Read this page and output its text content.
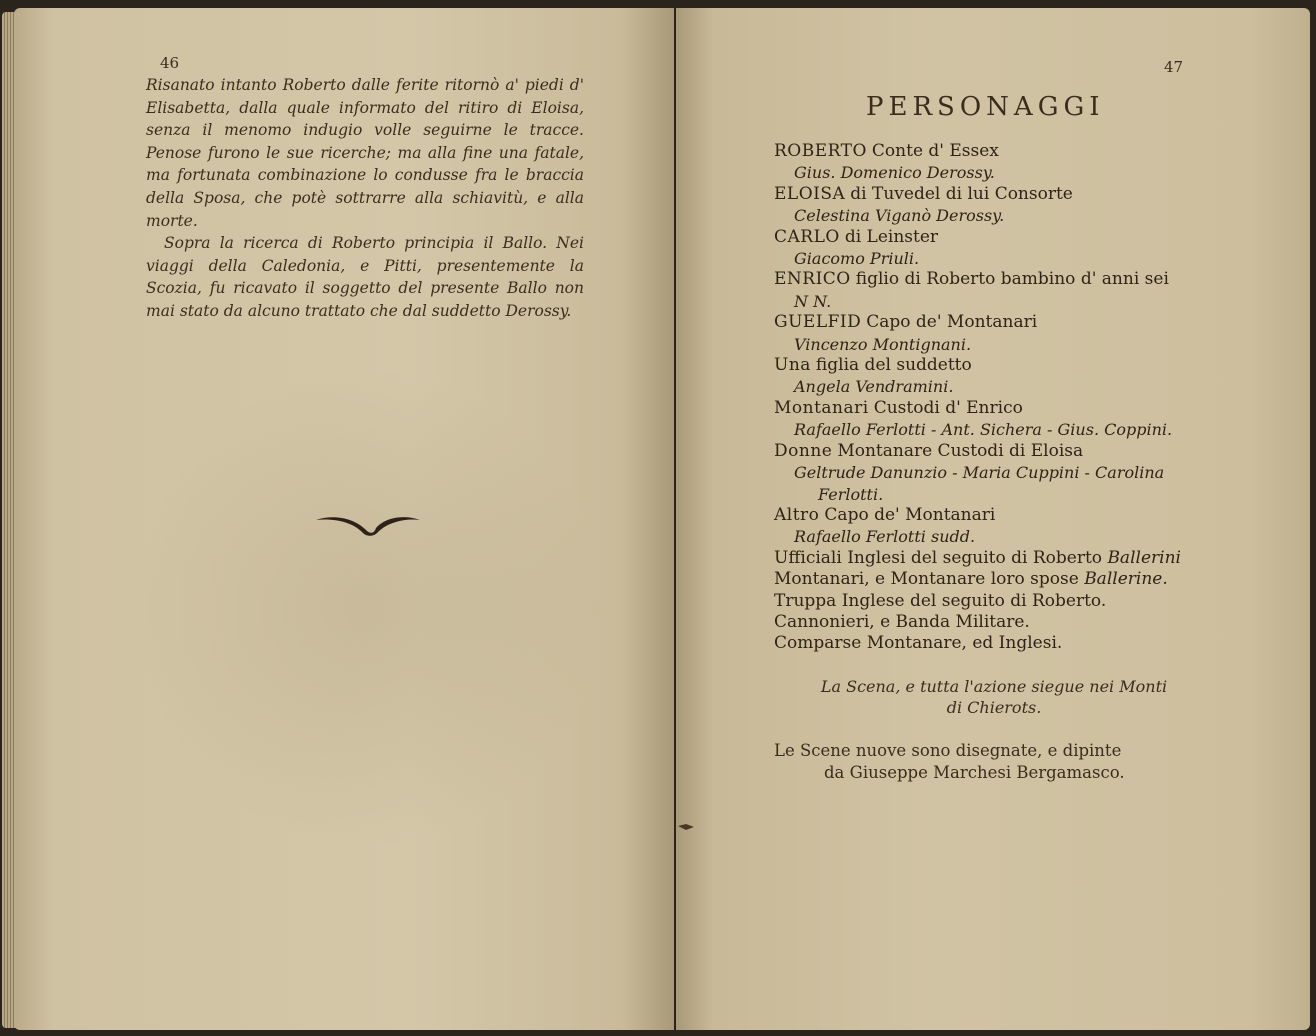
46

Risanato intanto Roberto dalle ferite ritornò a' piedi d' Elisabetta, dalla quale informato del ritiro di Eloisa, senza il menomo indugio volle seguirne le tracce. Penose furono le sue ricerche; ma alla fine una fatale, ma fortunata combinazione lo condusse fra le braccia della Sposa, che potè sottrarre alla schiavitù, e alla morte.

Sopra la ricerca di Roberto principia il Ballo. Nei viaggi della Caledonia, e Pitti, presentemente la Scozia, fu ricavato il soggetto del presente Ballo non mai stato da alcuno trattato che dal suddetto Derossy.

47
PERSONAGGI
ROBERTO Conte d' Essex
Gius. Domenico Derossy.
ELOISA di Tuvedel di lui Consorte
Celestina Viganò Derossy.
CARLO di Leinster
Giacomo Priuli.
ENRICO figlio di Roberto bambino d' anni sei
N N.
GUELFID Capo de' Montanari
Vincenzo Montignani.
Una figlia del suddetto
Angela Vendramini.
Montanari Custodi d' Enrico
Rafaello Ferlotti - Ant. Sichera - Gius. Coppini.
Donne Montanare Custodi di Eloisa
Geltrude Danunzio - Maria Cuppini - Carolina
Ferlotti.
Altro Capo de' Montanari
Rafaello Ferlotti sudd.
Ufficiali Inglesi del seguito di Roberto Ballerini
Montanari, e Montanare loro spose Ballerine.
Truppa Inglese del seguito di Roberto.
Cannonieri, e Banda Militare.
Comparse Montanare, ed Inglesi.
La Scena, e tutta l'azione siegue nei Monti
di Chierots.
Le Scene nuove sono disegnate, e dipinte
da Giuseppe Marchesi Bergamasco.
